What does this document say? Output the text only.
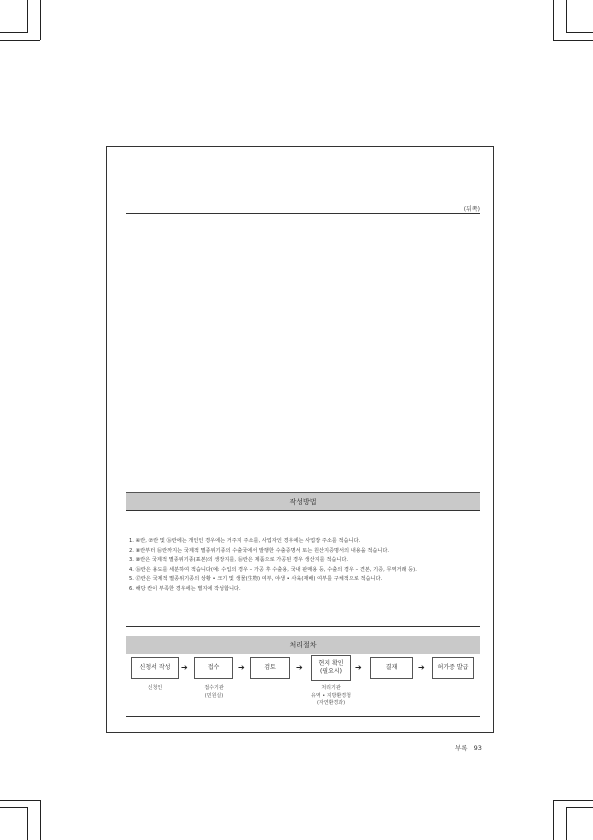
(뒤쪽)
작성방법
1. ④란, ⑦란 및 ⑯란에는 개인인 경우에는 거주지 주소를, 사업자인 경우에는 사업장 주소를 적습니다.
2. ⑧란부터 ⑯란까지는 국제적 멸종위기종의 수출국에서 발행한 수출증명서 또는 원산지증명서의 내용을 적습니다.
3. ⑩란은 국제적 멸종위기종(표본)의 생장지를, ⑯란은 제품으로 가공된 경우 생산지를 적습니다.
4. ⑯란은 용도를 세분하여 적습니다(예: 수입의 경우 – 가공 후 수출용, 국내 판매용 등, 수출의 경우 – 견본, 기증, 무역거래 등).
5. ⑰란은 국제적 멸종위기종의 상황 • 크기 및 생물(生物) 여부, 야생 • 사육(재배) 여부를 구체적으로 적습니다.
6. 해당 칸이 부족한 경우에는 별지에 작성합니다.
처리절차
신청서 작성 ➔	접수 ➔	검토	➔	현지 확인
(필요시) ➔	결재	➔ 허가증 발급
신청인	접수기관
(민원실)
처리기관
유역 • 지방환경청
(자연환경과)
부록 93
